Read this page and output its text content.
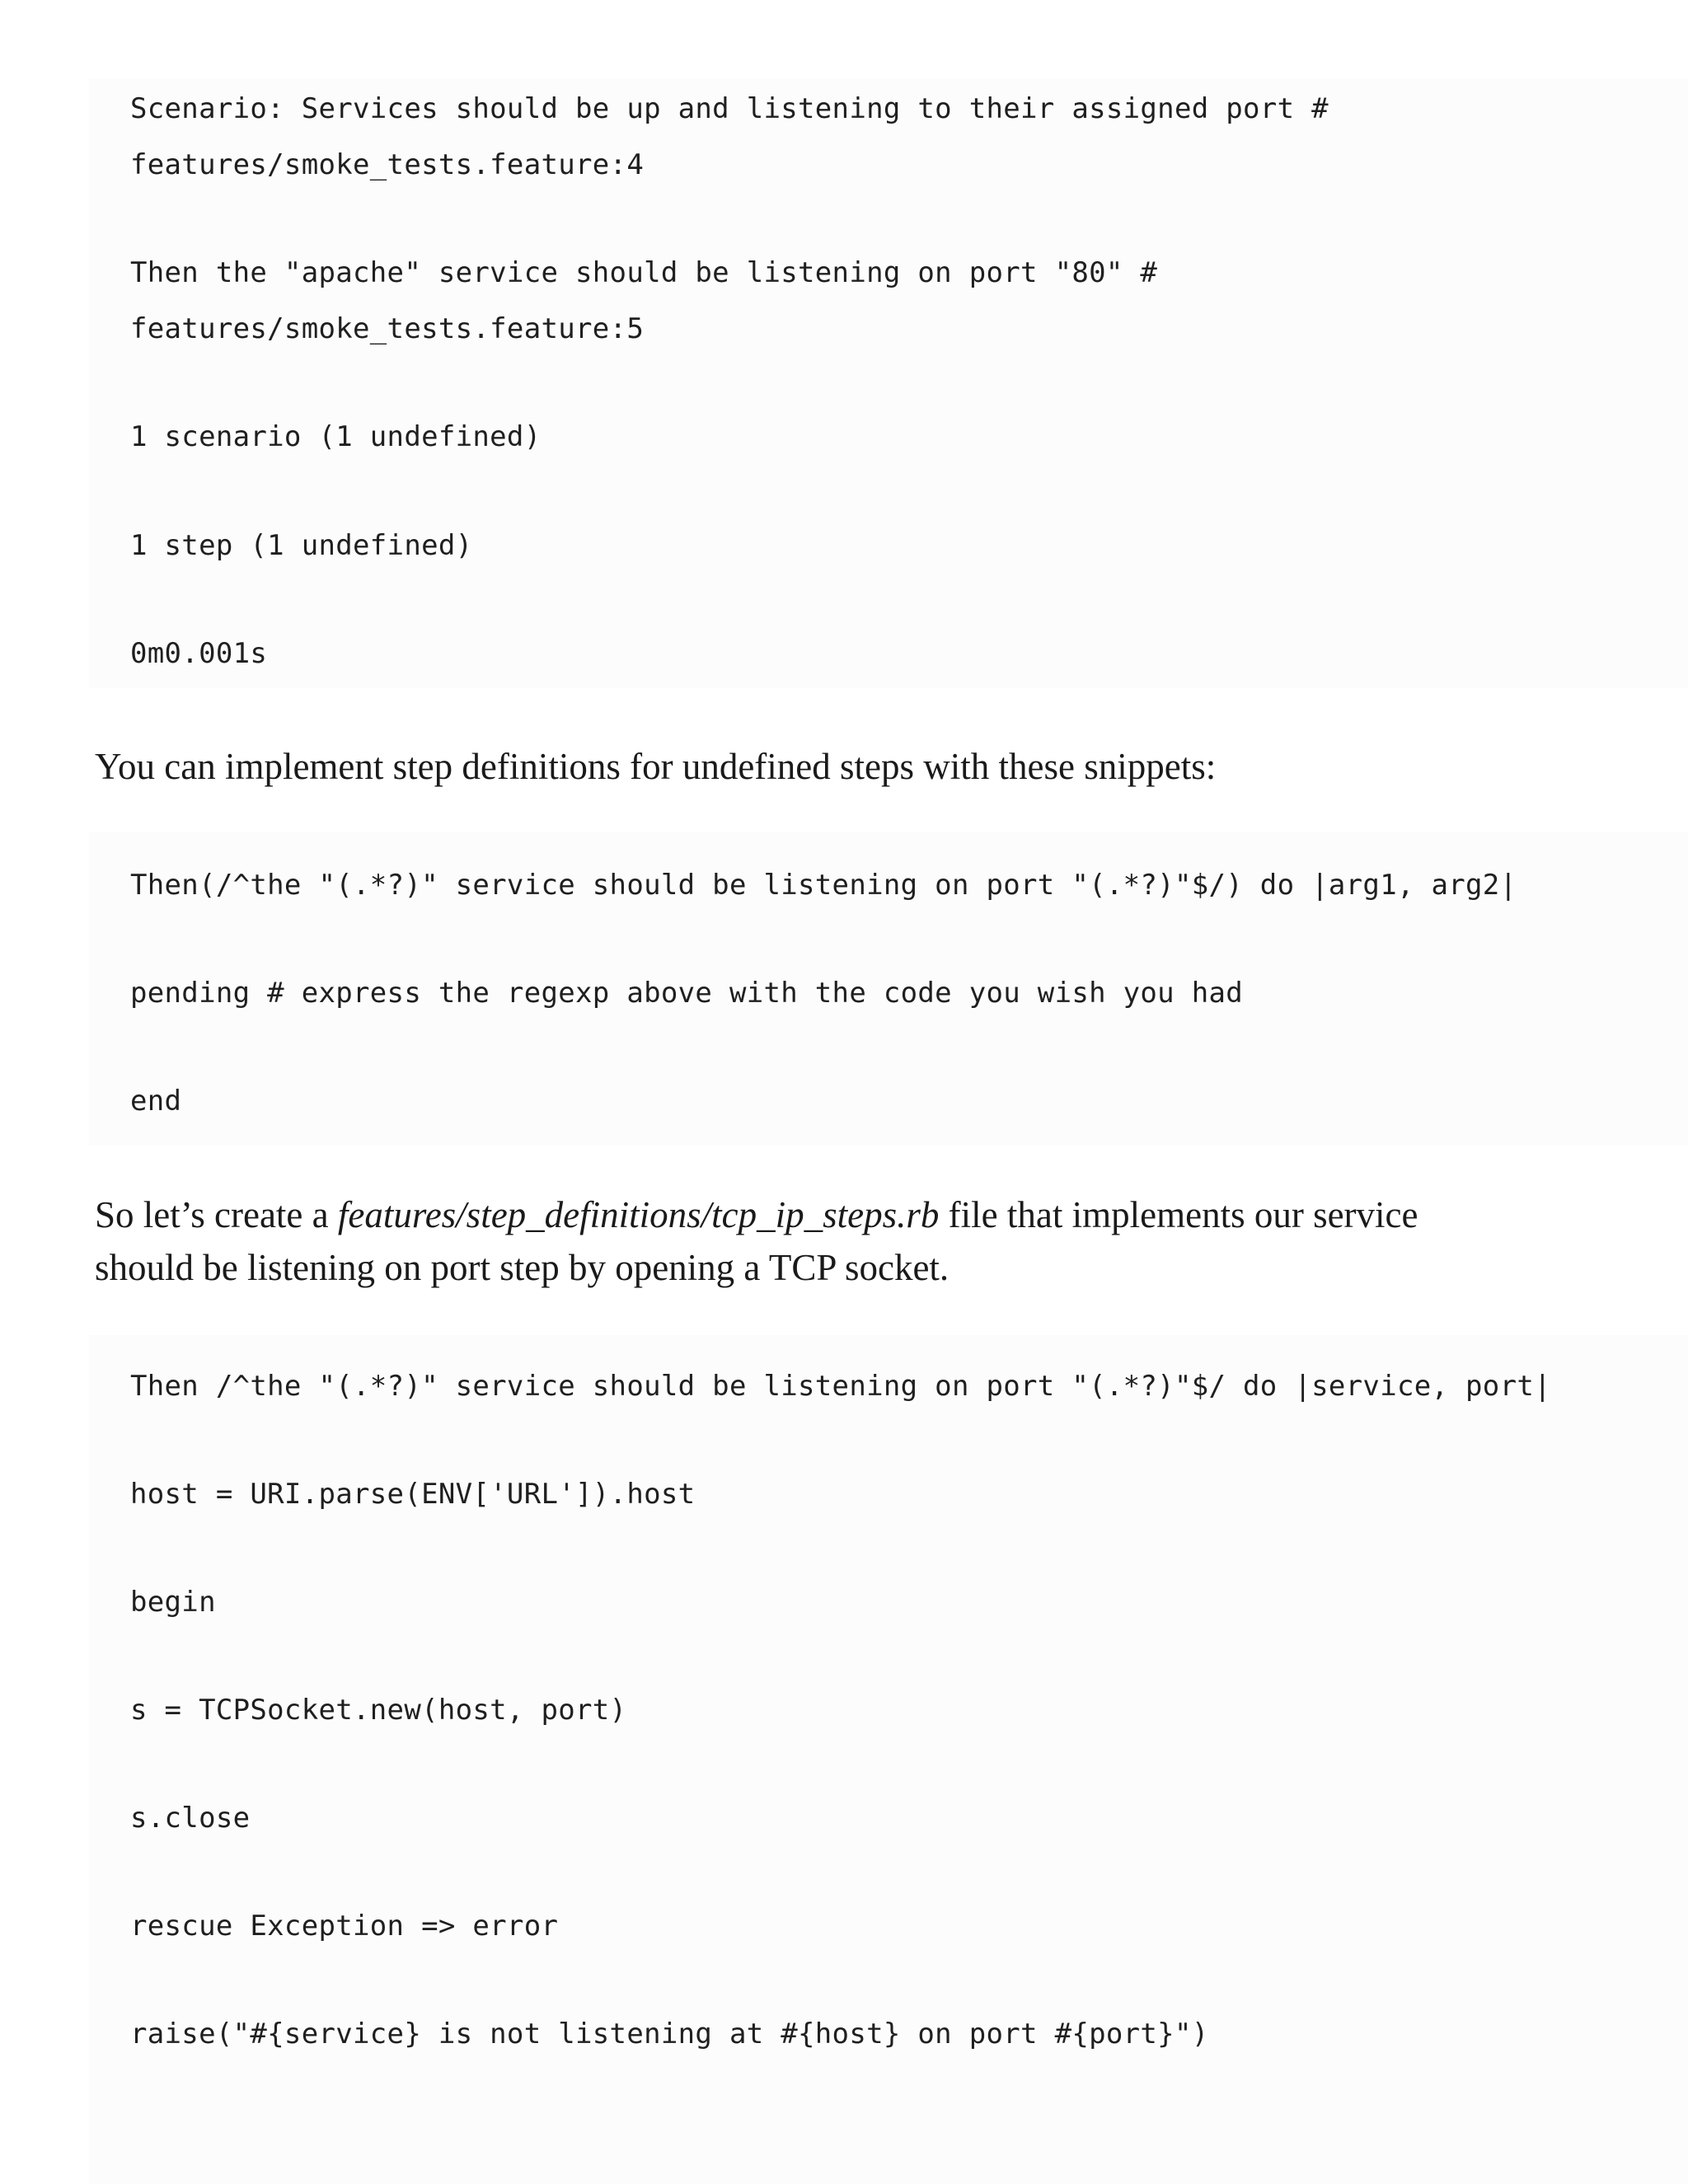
Scenario: Services should be up and listening to their assigned port #
features/smoke_tests.feature:4
Then the "apache" service should be listening on port "80" #
features/smoke_tests.feature:5
1 scenario (1 undefined)
1 step (1 undefined)
0m0.001s
You can implement step definitions for undefined steps with these snippets:
Then(/^the "(.*?)" service should be listening on port "(.*?)"$/) do |arg1, arg2|
pending # express the regexp above with the code you wish you had
end
So let’s create a features/step_definitions/tcp_ip_steps.rb file that implements our service should be listening on port step by opening a TCP socket.
Then /^the "(.*?)" service should be listening on port "(.*?)"$/ do |service, port|
host = URI.parse(ENV['URL']).host
begin
s = TCPSocket.new(host, port)
s.close
rescue Exception => error
raise("#{service} is not listening at #{host} on port #{port}")
